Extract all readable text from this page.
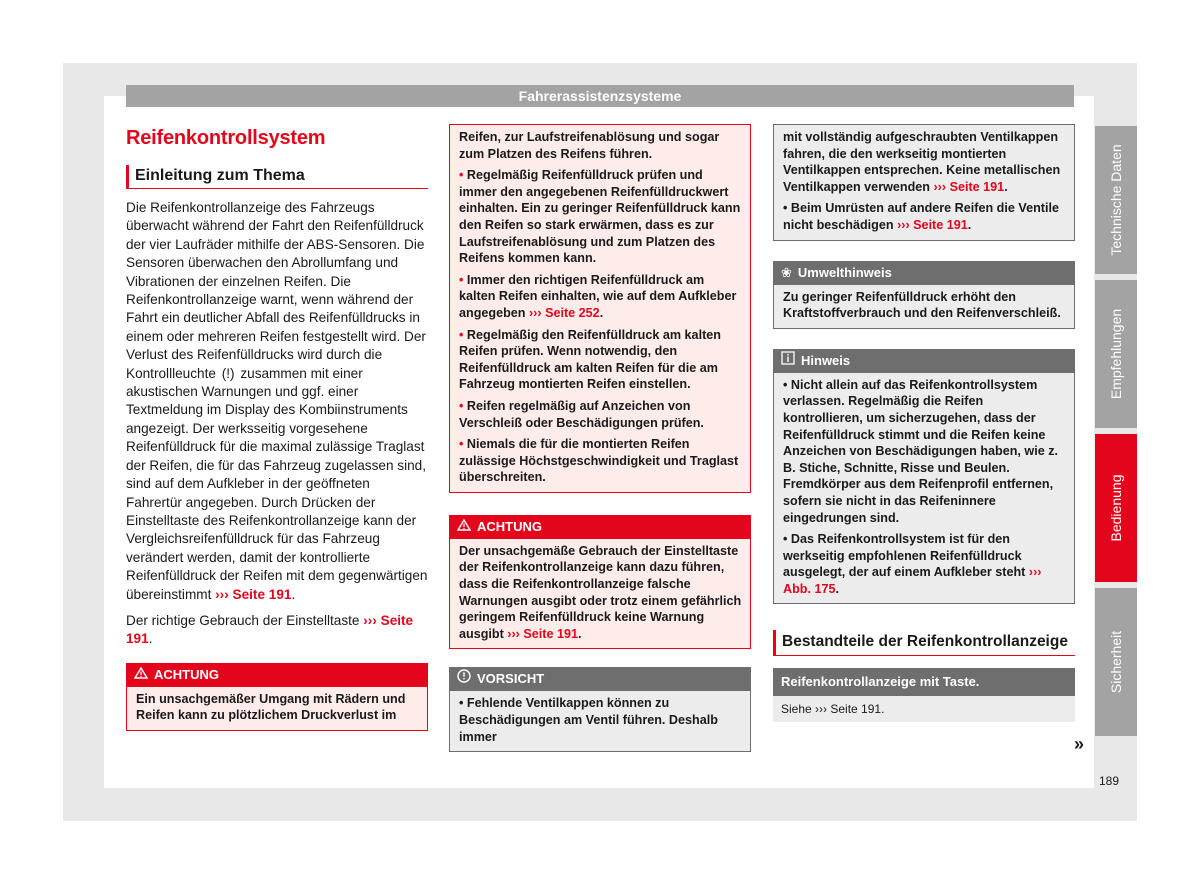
Fahrerassistenzsysteme
Reifenkontrollsystem
Einleitung zum Thema
Die Reifenkontrollanzeige des Fahrzeugs überwacht während der Fahrt den Reifenfülldruck der vier Laufräder mithilfe der ABS-Sensoren. Die Sensoren überwachen den Abrollumfang und Vibrationen der einzelnen Reifen. Die Reifenkontrollanzeige warnt, wenn während der Fahrt ein deutlicher Abfall des Reifenfülldrucks in einem oder mehreren Reifen festgestellt wird. Der Verlust des Reifenfülldrucks wird durch die Kontrollleuchte (!) zusammen mit einer akustischen Warnungen und ggf. einer Textmeldung im Display des Kombiinstruments angezeigt. Der werksseitig vorgesehene Reifenfülldruck für die maximal zulässige Traglast der Reifen, die für das Fahrzeug zugelassen sind, sind auf dem Aufkleber in der geöffneten Fahrertür angegeben. Durch Drücken der Einstelltaste des Reifenkontrollanzeige kann der Vergleichsreifenfülldruck für das Fahrzeug verändert werden, damit der kontrollierte Reifenfülldruck der Reifen mit dem gegenwärtigen übereinstimmt ››› Seite 191.
Der richtige Gebrauch der Einstelltaste ››› Seite 191.
ACHTUNG
Ein unsachgemäßer Umgang mit Rädern und Reifen kann zu plötzlichem Druckverlust im

Reifen, zur Laufstreifenablösung und sogar zum Platzen des Reifens führen.

• Regelmäßig Reifenfülldruck prüfen und immer den angegebenen Reifenfülldruckwert einhalten. Ein zu geringer Reifenfülldruck kann den Reifen so stark erwärmen, dass es zur Laufstreifenablösung und zum Platzen des Reifens kommen kann.

• Immer den richtigen Reifenfülldruck am kalten Reifen einhalten, wie auf dem Aufkleber angegeben ››› Seite 252.

• Regelmäßig den Reifenfülldruck am kalten Reifen prüfen. Wenn notwendig, den Reifenfülldruck am kalten Reifen für die am Fahrzeug montierten Reifen einstellen.

• Reifen regelmäßig auf Anzeichen von Verschleiß oder Beschädigungen prüfen.

• Niemals die für die montierten Reifen zulässige Höchstgeschwindigkeit und Traglast überschreiten.

ACHTUNG
Der unsachgemäße Gebrauch der Einstelltaste der Reifenkontrollanzeige kann dazu führen, dass die Reifenkontrollanzeige falsche Warnungen ausgibt oder trotz einem gefährlich geringem Reifenfülldruck keine Warnung ausgibt ››› Seite 191.
VORSICHT

• Fehlende Ventilkappen können zu Beschädigungen am Ventil führen. Deshalb immer

mit vollständig aufgeschraubten Ventilkappen fahren, die den werkseitig montierten Ventilkappen entsprechen. Keine metallischen Ventilkappen verwenden ››› Seite 191.

• Beim Umrüsten auf andere Reifen die Ventile nicht beschädigen ››› Seite 191.

❀ Umwelthinweis
Zu geringer Reifenfülldruck erhöht den Kraftstoffverbrauch und den Reifenverschleiß.
Hinweis

• Nicht allein auf das Reifenkontrollsystem verlassen. Regelmäßig die Reifen kontrollieren, um sicherzugehen, dass der Reifenfülldruck stimmt und die Reifen keine Anzeichen von Beschädigungen haben, wie z. B. Stiche, Schnitte, Risse und Beulen. Fremdkörper aus dem Reifenprofil entfernen, sofern sie nicht in das Reifeninnere eingedrungen sind.

• Das Reifenkontrollsystem ist für den werkseitig empfohlenen Reifenfülldruck ausgelegt, der auf einem Aufkleber steht ››› Abb. 175.

Bestandteile der Reifenkontrollanzeige
Reifenkontrollanzeige mit Taste.
Siehe ››› Seite 191.
»
Technische Daten
Empfehlungen
Bedienung
Sicherheit
189
